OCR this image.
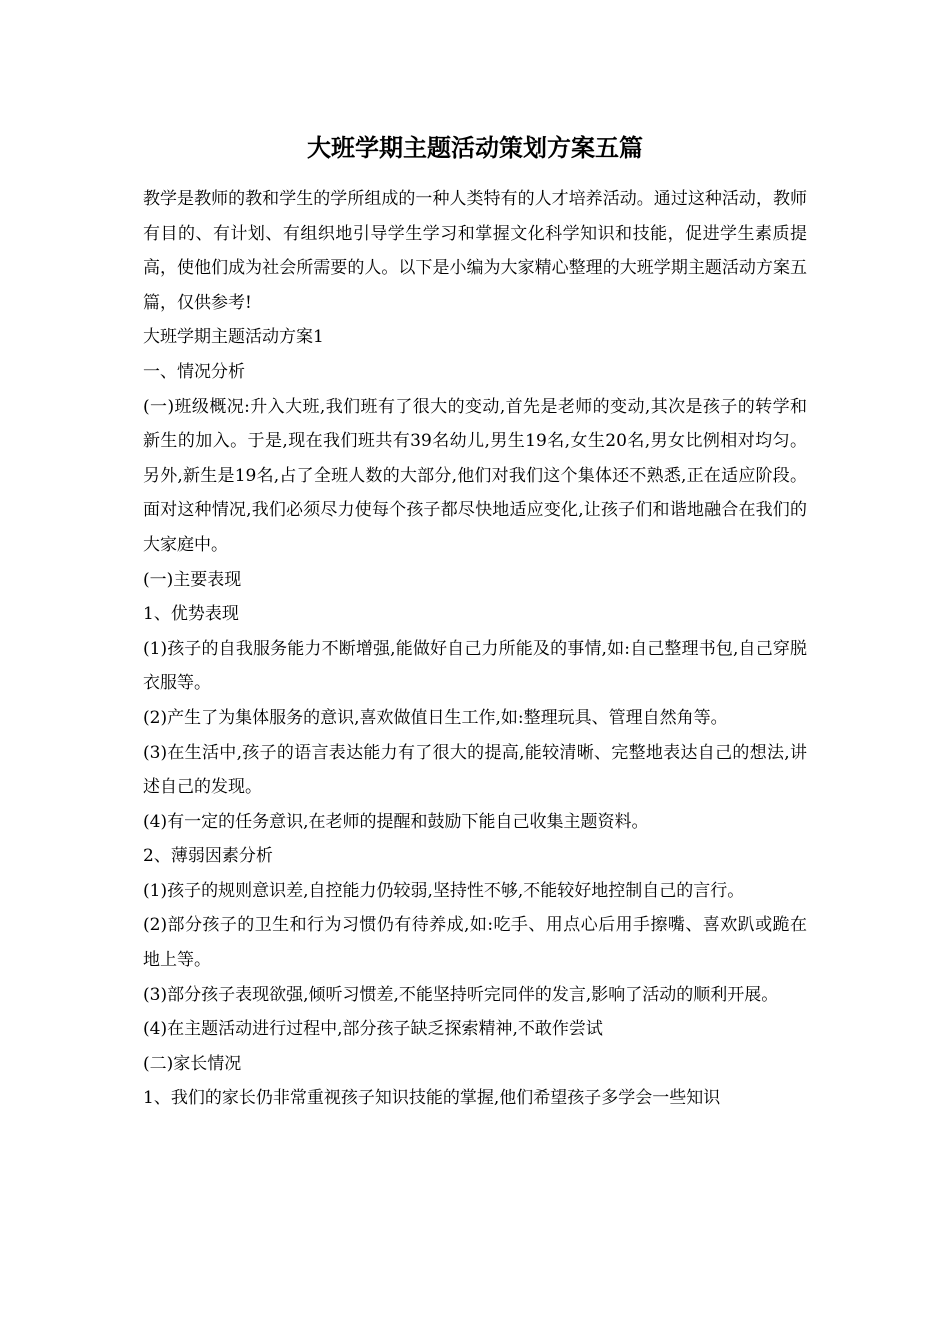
大班学期主题活动策划方案五篇

教学是教师的教和学生的学所组成的一种人类特有的人才培养活动。通过这种活动，教师有目的、有计划、有组织地引导学生学习和掌握文化科学知识和技能，促进学生素质提高，使他们成为社会所需要的人。以下是小编为大家精心整理的大班学期主题活动方案五篇，仅供参考!

大班学期主题活动方案1

一、情况分析

(一)班级概况:升入大班,我们班有了很大的变动,首先是老师的变动,其次是孩子的转学和新生的加入。于是,现在我们班共有39名幼儿,男生19名,女生20名,男女比例相对均匀。另外,新生是19名,占了全班人数的大部分,他们对我们这个集体还不熟悉,正在适应阶段。面对这种情况,我们必须尽力使每个孩子都尽快地适应变化,让孩子们和谐地融合在我们的大家庭中。

(一)主要表现

1、优势表现

(1)孩子的自我服务能力不断增强,能做好自己力所能及的事情,如:自己整理书包,自己穿脱衣服等。

(2)产生了为集体服务的意识,喜欢做值日生工作,如:整理玩具、管理自然角等。

(3)在生活中,孩子的语言表达能力有了很大的提高,能较清晰、完整地表达自己的想法,讲述自己的发现。

(4)有一定的任务意识,在老师的提醒和鼓励下能自己收集主题资料。

2、薄弱因素分析

(1)孩子的规则意识差,自控能力仍较弱,坚持性不够,不能较好地控制自己的言行。

(2)部分孩子的卫生和行为习惯仍有待养成,如:吃手、用点心后用手擦嘴、喜欢趴或跪在地上等。

(3)部分孩子表现欲强,倾听习惯差,不能坚持听完同伴的发言,影响了活动的顺利开展。

(4)在主题活动进行过程中,部分孩子缺乏探索精神,不敢作尝试

(二)家长情况

1、我们的家长仍非常重视孩子知识技能的掌握,他们希望孩子多学会一些知识
